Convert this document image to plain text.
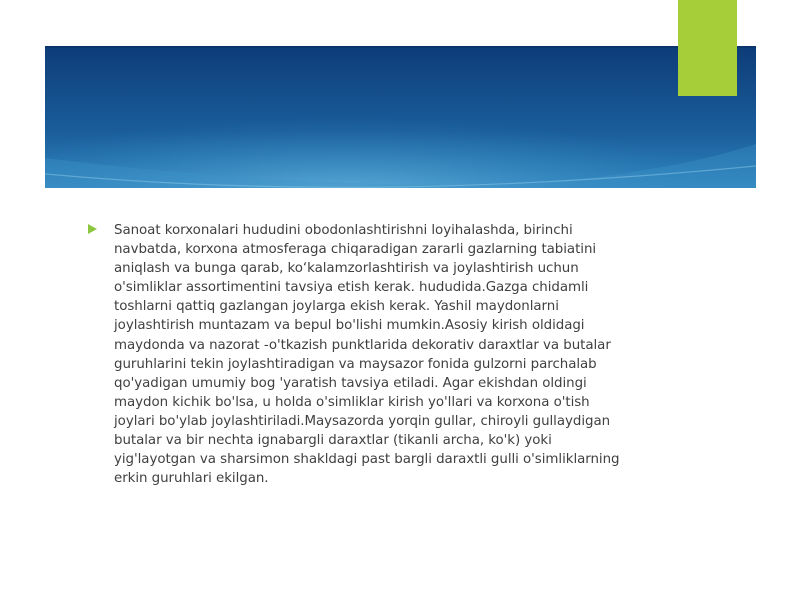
Sanoat korxonalari hududini obodonlashtirishni loyihalashda, birinchi navbatda, korxona atmosferaga chiqaradigan zararli gazlarning tabiatini aniqlash va bunga qarab, ko‘kalamzorlashtirish va joylashtirish uchun o'simliklar assortimentini tavsiya etish kerak. hududida.Gazga chidamli toshlarni qattiq gazlangan joylarga ekish kerak. Yashil maydonlarni joylashtirish muntazam va bepul bo'lishi mumkin.Asosiy kirish oldidagi maydonda va nazorat -o'tkazish punktlarida dekorativ daraxtlar va butalar guruhlarini tekin joylashtiradigan va maysazor fonida gulzorni parchalab qo'yadigan umumiy bog 'yaratish tavsiya etiladi. Agar ekishdan oldingi maydon kichik bo'lsa, u holda o'simliklar kirish yo'llari va korxona o'tish joylari bo'ylab joylashtiriladi.Maysazorda yorqin gullar, chiroyli gullaydigan butalar va bir nechta ignabargli daraxtlar (tikanli archa, ko'k) yoki yig'layotgan va sharsimon shakldagi past bargli daraxtli gulli o'simliklarning erkin guruhlari ekilgan.
